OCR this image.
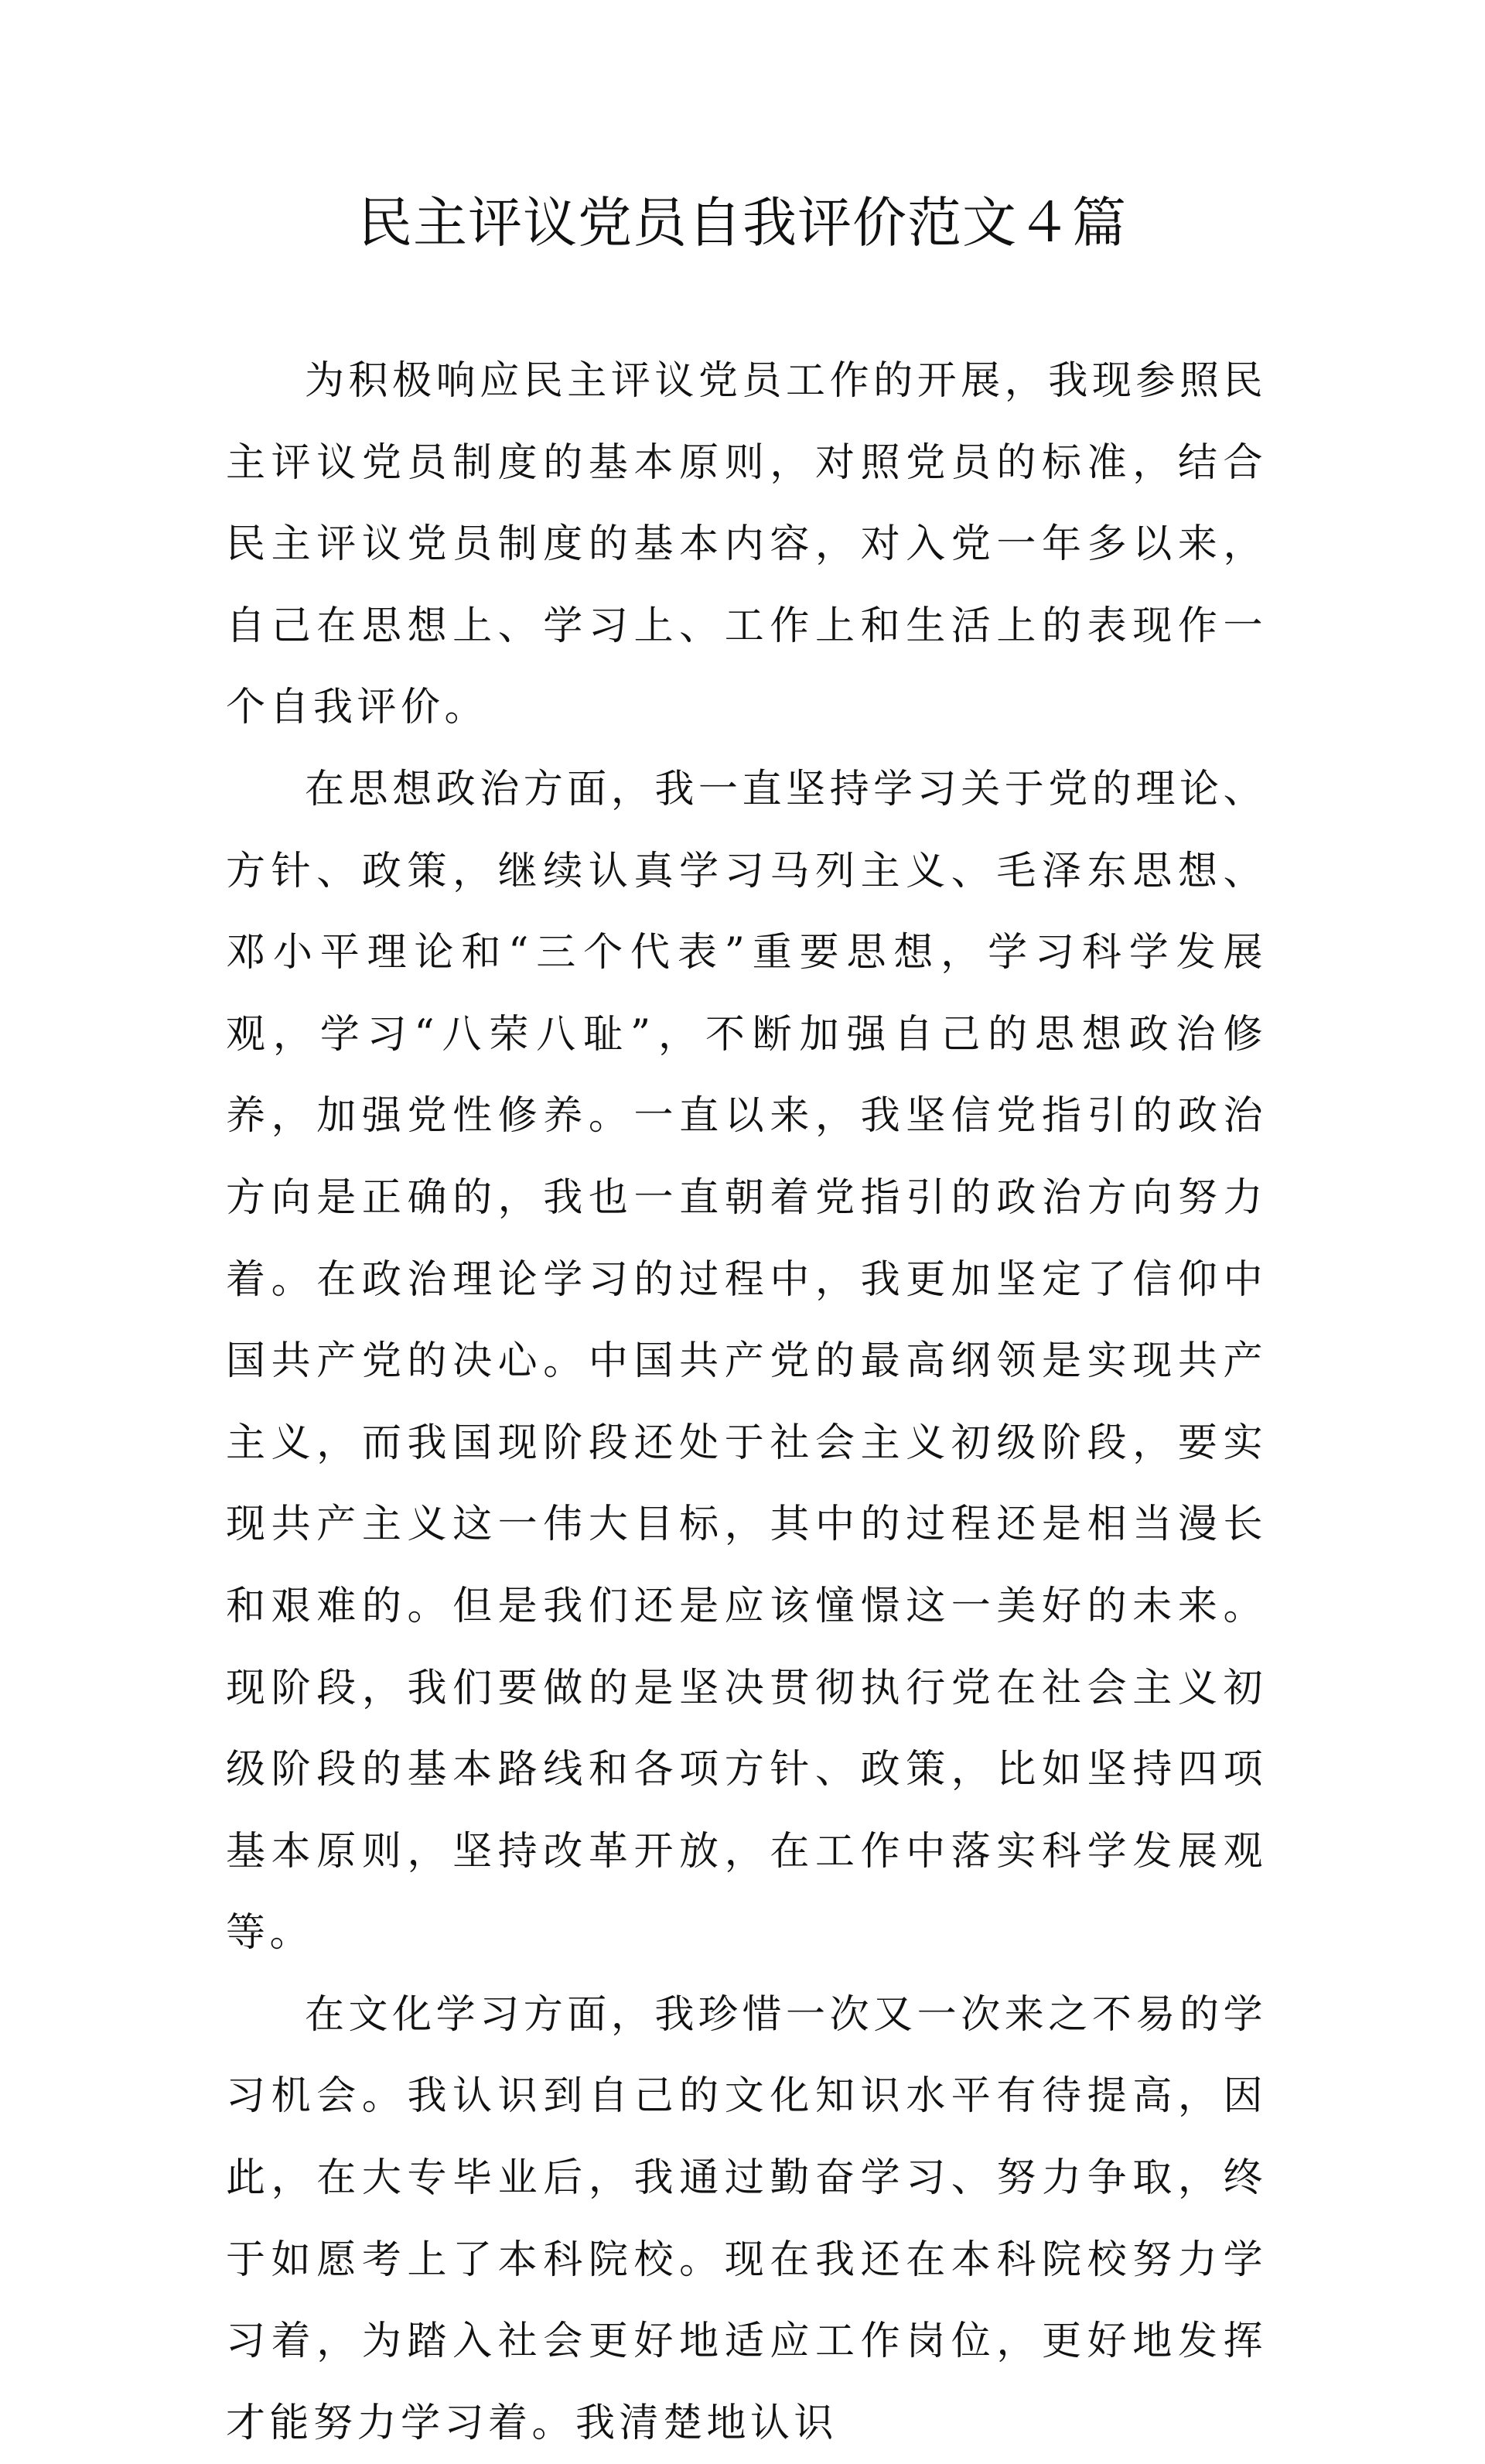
民主评议党员自我评价范文４篇

为积极响应民主评议党员工作的开展，我现参照民主评议党员制度的基本原则，对照党员的标准，结合民主评议党员制度的基本内容，对入党一年多以来，自己在思想上、学习上、工作上和生活上的表现作一个自我评价。

在思想政治方面，我一直坚持学习关于党的理论、方针、政策，继续认真学习马列主义、毛泽东思想、邓小平理论和“三个代表”重要思想，学习科学发展观，学习“八荣八耻”，不断加强自己的思想政治修养，加强党性修养。一直以来，我坚信党指引的政治方向是正确的，我也一直朝着党指引的政治方向努力着。在政治理论学习的过程中，我更加坚定了信仰中国共产党的决心。中国共产党的最高纲领是实现共产主义，而我国现阶段还处于社会主义初级阶段，要实现共产主义这一伟大目标，其中的过程还是相当漫长和艰难的。但是我们还是应该憧憬这一美好的未来。现阶段，我们要做的是坚决贯彻执行党在社会主义初级阶段的基本路线和各项方针、政策，比如坚持四项基本原则，坚持改革开放，在工作中落实科学发展观等。

在文化学习方面，我珍惜一次又一次来之不易的学习机会。我认识到自己的文化知识水平有待提高，因此，在大专毕业后，我通过勤奋学习、努力争取，终于如愿考上了本科院校。现在我还在本科院校努力学习着，为踏入社会更好地适应工作岗位，更好地发挥才能努力学习着。我清楚地认识
